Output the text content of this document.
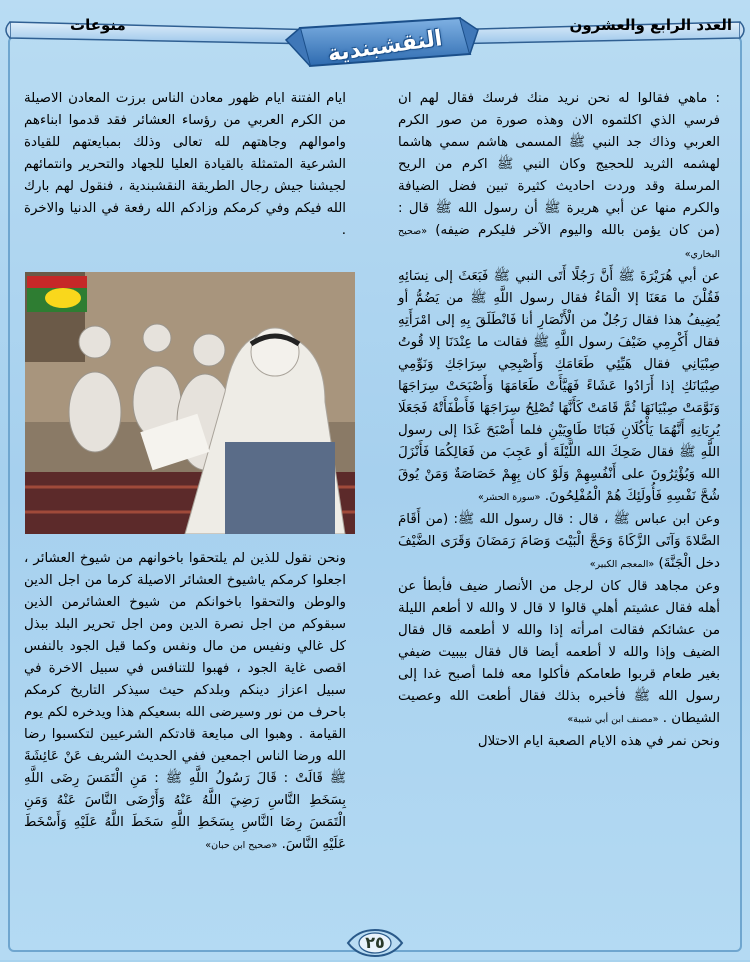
العدد الرابع والعشرون
منوعات
النقشبندية

: ماهي فقالوا له نحن نريد منك فرسك فقال لهم ان فرسي الذي اكلتموه الان وهذه صورة من صور الكرم العربي وذاك جد النبي ﷺ المسمى هاشم سمي هاشما لهشمه الثريد للحجيج وكان النبي ﷺ اكرم من الريح المرسلة وقد وردت احاديث كثيرة تبين فضل الضيافة والكرم منها عن أبي هريرة ﷺ أن رسول الله ﷺ قال : (من كان يؤمن بالله واليوم الآخر فليكرم ضيفه) «صحيح البخاري»

عن أبي هُرَيْرَةَ ﷺ أَنَّ رَجُلًا أَتَى النبي ﷺ فَبَعَثَ إلى نِسَائِهِ فَقُلْنَ ما مَعَنَا إلا الْمَاءُ فقال رسول اللَّهِ ﷺ من يَضُمُّ أو يُضِيفُ هذا فقال رَجُلٌ من الْأَنْصَارِ أنا فَانْطَلَقَ بِهِ إلى امْرَأَتِهِ فقال أَكْرِمِي ضَيْفَ رسول اللَّهِ ﷺ فقالت ما عِنْدَنَا إلا قُوتُ صِبْيَانِي فقال هَيِّئِي طَعَامَكِ وَأَصْبِحِي سِرَاجَكِ وَنَوِّمِي صِبْيَانَكِ إذا أَرَادُوا عَشَاءً فَهَيَّأَتْ طَعَامَهَا وَأَصْبَحَتْ سِرَاجَهَا وَنَوَّمَتْ صِبْيَانَهَا ثُمَّ قَامَتْ كَأَنَّهَا تُصْلِحُ سِرَاجَهَا فَأَطْفَأَتْهُ فَجَعَلَا يُرِيَانِهِ أَنَّهُمَا يَأْكُلَانِ فَبَاتَا طَاوِيَيْنِ فلما أَصْبَحَ غَدَا إلى رسول اللَّهِ ﷺ فقال ضَحِكَ الله اللَّيْلَةَ أو عَجِبَ من فَعَالِكُمَا فَأَنْزَلَ الله وَيُؤْثِرُونَ على أَنْفُسِهِمْ وَلَوْ كان بِهِمْ خَصَاصَةٌ وَمَنْ يُوقَ شُحَّ نَفْسِهِ فَأُولَئِكَ هُمْ الْمُفْلِحُونَ. «سورة الحشر»

وعن ابن عباس ﷺ ، قال : قال رسول الله ﷺ: (من أَقَامَ الصَّلاةَ وَآتَى الزَّكَاةَ وَحَجَّ الْبَيْتَ وَصَامَ رَمَضَانَ وَقَرَى الضَّيْفَ دخل الْجَنَّةَ) «المعجم الكبير»

وعن مجاهد قال كان لرجل من الأنصار ضيف فأبطأ عن أهله فقال عشيتم أهلي قالوا لا قال لا والله لا أطعم الليلة من عشائكم فقالت امرأته إذا والله لا أطعمه قال فقال الضيف وإذا والله لا أطعمه أيضا قال فقال بيبيت ضيفي بغير طعام قربوا طعامكم فأكلوا معه فلما أصبح غدا إلى رسول الله ﷺ فأخبره بذلك فقال أطعت الله وعصيت الشيطان . «مصنف ابن أبي شيبة»

ونحن نمر في هذه الايام الصعبة ايام الاحتلال

ايام الفتنة ايام ظهور معادن الناس برزت المعادن الاصيلة من الكرم العربي من رؤساء العشائر فقد قدموا ابناءهم واموالهم وجاهتهم لله تعالى وذلك بمبايعتهم للقيادة الشرعية المتمثلة بالقيادة العليا للجهاد والتحرير وانتمائهم لجيشنا جيش رجال الطريقة النقشبندية ، فنقول لهم بارك الله فيكم وفي كرمكم وزادكم الله رفعة في الدنيا والاخرة .

ونحن نقول للذين لم يلتحقوا باخوانهم من شيوخ العشائر ، اجعلوا كرمكم ياشيوخ العشائر الاصيلة كرما من اجل الدين والوطن والتحقوا باخوانكم من شيوخ العشائرمن الذين سبقوكم من اجل نصرة الدين ومن اجل تحرير البلد ببذل كل غالي ونفيس من مال ونفس وكما قيل الجود بالنفس اقصى غاية الجود ، فهبوا للتنافس في سبيل الاخرة في سبيل اعزاز دينكم وبلدكم حيث سيذكر التاريخ كرمكم باحرف من نور وسيرضى الله بسعيكم هذا ويدخره لكم يوم القيامة . وهبوا الى مبايعة قادتكم الشرعيين لتكسبوا رضا الله ورضا الناس اجمعين ففي الحديث الشريف عَنْ عَائِشَةَ ﷺ قَالَتْ : قَالَ رَسُولُ اللَّهِ ﷺ : مَنِ الْتَمَسَ رِضَى اللَّهِ بِسَخَطِ النَّاسِ رَضِيَ اللَّهُ عَنْهُ وَأَرْضَى النَّاسَ عَنْهُ وَمَنِ الْتَمَسَ رِضَا النَّاسِ بِسَخَطِ اللَّهِ سَخَطَ اللَّهُ عَلَيْهِ وَأَسْخَطَ عَلَيْهِ النَّاسَ. «صحيح ابن حبان»

٢٥
